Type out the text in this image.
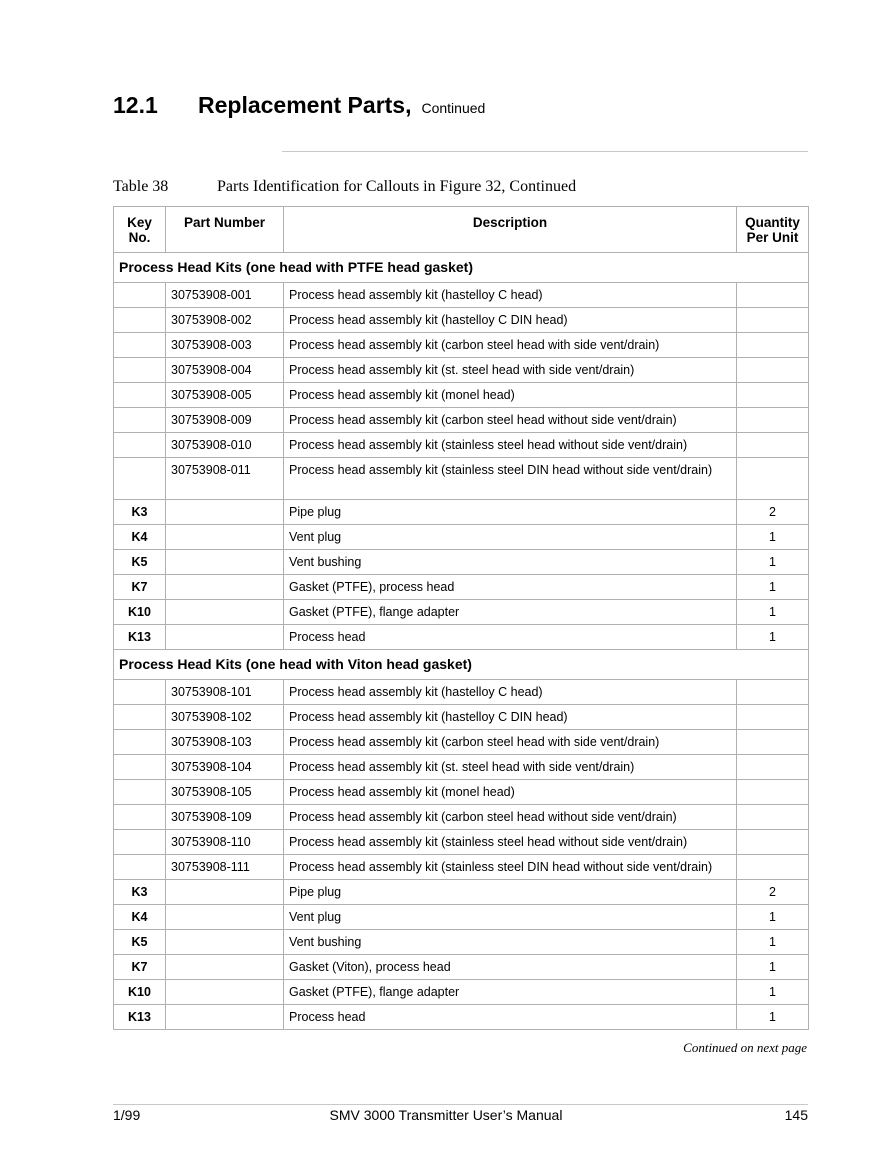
12.1 Replacement Parts, Continued
Table 38	Parts Identification for Callouts in Figure 32, Continued
Key No.	Part Number	Description	Quantity Per Unit
Process Head Kits (one head with PTFE head gasket)			
	30753908-001	Process head assembly kit (hastelloy C head)	
	30753908-002	Process head assembly kit (hastelloy C DIN head)	
	30753908-003	Process head assembly kit (carbon steel head with side vent/drain)	
	30753908-004	Process head assembly kit (st. steel head with side vent/drain)	
	30753908-005	Process head assembly kit (monel head)	
	30753908-009	Process head assembly kit (carbon steel head without side vent/drain)	
	30753908-010	Process head assembly kit (stainless steel head without side vent/drain)	
	30753908-011	Process head assembly kit (stainless steel DIN head without side vent/drain)	
K3		Pipe plug	2
K4		Vent plug	1
K5		Vent bushing	1
K7		Gasket (PTFE), process head	1
K10		Gasket (PTFE), flange adapter	1
K13		Process head	1
Process Head Kits (one head with Viton head gasket)			
	30753908-101	Process head assembly kit (hastelloy C head)	
	30753908-102	Process head assembly kit (hastelloy C DIN head)	
	30753908-103	Process head assembly kit (carbon steel head with side vent/drain)	
	30753908-104	Process head assembly kit (st. steel head with side vent/drain)	
	30753908-105	Process head assembly kit (monel head)	
	30753908-109	Process head assembly kit (carbon steel head without side vent/drain)	
	30753908-110	Process head assembly kit (stainless steel head without side vent/drain)	
	30753908-111	Process head assembly kit (stainless steel DIN head without side vent/drain)	
K3		Pipe plug	2
K4		Vent plug	1
K5		Vent bushing	1
K7		Gasket (Viton), process head	1
K10		Gasket (PTFE), flange adapter	1
K13		Process head	1
Continued on next page
1/99	SMV 3000 Transmitter User’s Manual	145
